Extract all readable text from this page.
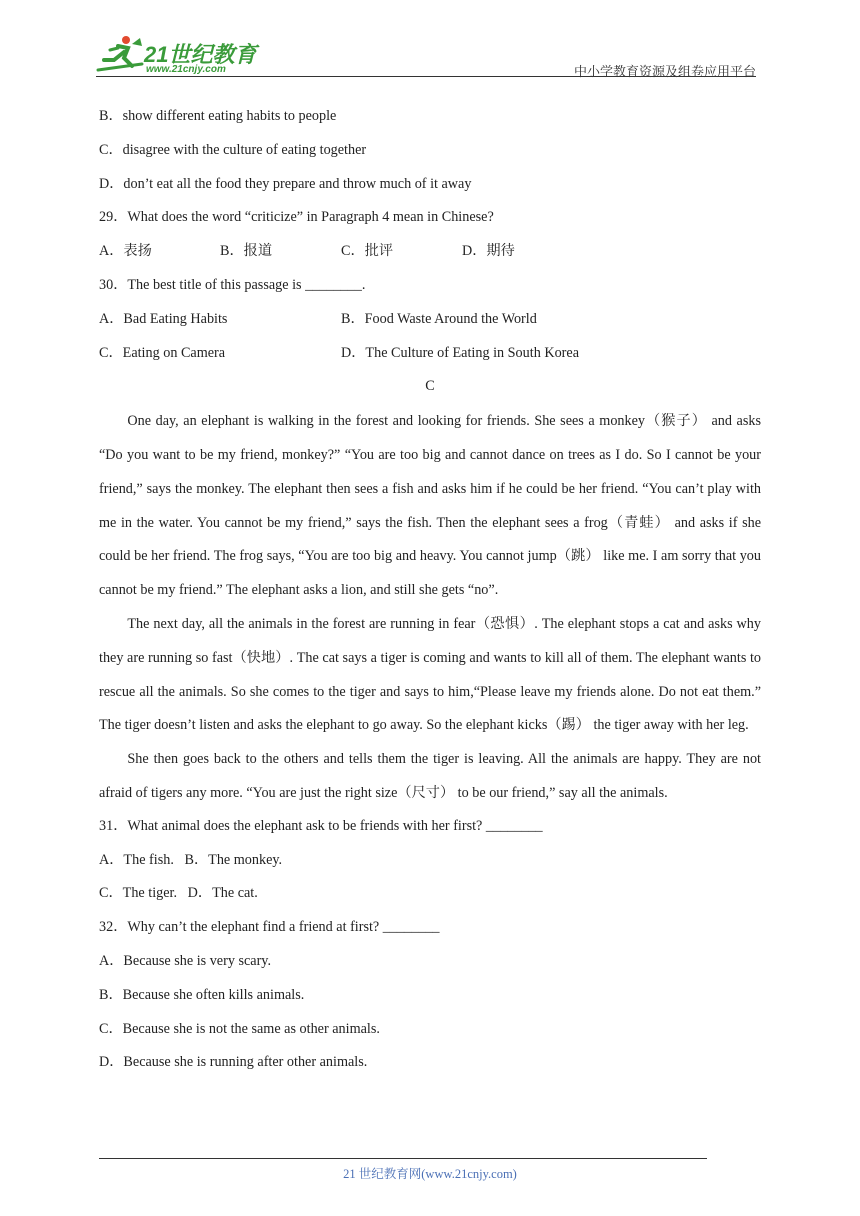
21世纪教育
www.21cnjy.com	中小学教育资源及组卷应用平台
B．show different eating habits to people
C．disagree with the culture of eating together
D．don’t eat all the food they prepare and throw much of it away
29．What does the word “criticize” in Paragraph 4 mean in Chinese?
A．表扬	B．报道	C．批评	D．期待
30．The best title of this passage is ________.
A．Bad Eating Habits	B．Food Waste Around the World
C．Eating on Camera	D．The Culture of Eating in South Korea
C

One day, an elephant is walking in the forest and looking for friends. She sees a monkey（猴子） and asks “Do you want to be my friend, monkey?” “You are too big and cannot dance on trees as I do. So I cannot be your friend,” says the monkey. The elephant then sees a fish and asks him if he could be her friend. “You can’t play with me in the water. You cannot be my friend,” says the fish. Then the elephant sees a frog（青蛙） and asks if she could be her friend. The frog says, “You are too big and heavy. You cannot jump（跳） like me. I am sorry that you cannot be my friend.” The elephant asks a lion, and still she gets “no”.

The next day, all the animals in the forest are running in fear（恐惧）. The elephant stops a cat and asks why they are running so fast（快地）. The cat says a tiger is coming and wants to kill all of them. The elephant wants to rescue all the animals. So she comes to the tiger and says to him,“Please leave my friends alone. Do not eat them.” The tiger doesn’t listen and asks the elephant to go away. So the elephant kicks（踢） the tiger away with her leg.

She then goes back to the others and tells them the tiger is leaving. All the animals are happy. They are not afraid of tigers any more. “You are just the right size（尺寸） to be our friend,” say all the animals.

31．What animal does the elephant ask to be friends with her first? ________
A．The fish.   B．The monkey.
C．The tiger.   D．The cat.
32．Why can’t the elephant find a friend at first? ________
A．Because she is very scary.
B．Because she often kills animals.
C．Because she is not the same as other animals.
D．Because she is running after other animals.
21 世纪教育网(www.21cnjy.com)
